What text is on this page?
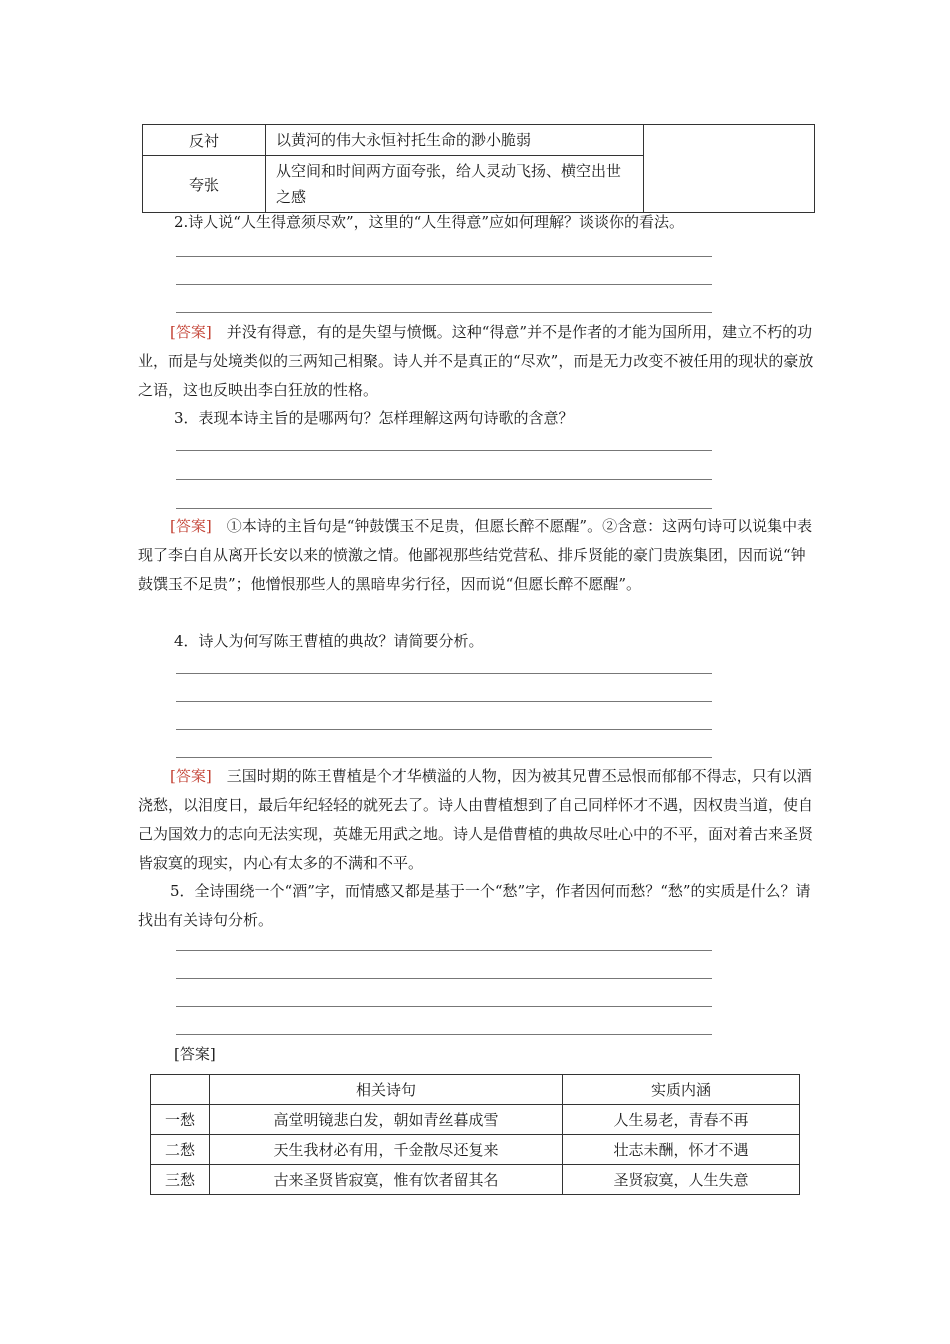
反衬	以黄河的伟大永恒衬托生命的渺小脆弱	
夸张	从空间和时间两方面夸张，给人灵动飞扬、横空出世之感	
2.诗人说“人生得意须尽欢”，这里的“人生得意”应如何理解？谈谈你的看法。
[答案]　 并没有得意，有的是失望与愤慨。这种“得意”并不是作者的才能为国所用，建立不朽的功业，而是与处境类似的三两知己相聚。诗人并不是真正的“尽欢”，而是无力改变不被任用的现状的豪放之语，这也反映出李白狂放的性格。
3．表现本诗主旨的是哪两句？怎样理解这两句诗歌的含意？
[答案]　 ①本诗的主旨句是“钟鼓馔玉不足贵，但愿长醉不愿醒”。②含意：这两句诗可以说集中表现了李白自从离开长安以来的愤激之情。他鄙视那些结党营私、排斥贤能的豪门贵族集团，因而说“钟鼓馔玉不足贵”；他憎恨那些人的黑暗卑劣行径，因而说“但愿长醉不愿醒”。
4．诗人为何写陈王曹植的典故？请简要分析。
[答案]　 三国时期的陈王曹植是个才华横溢的人物，因为被其兄曹丕忌恨而郁郁不得志，只有以酒浇愁，以泪度日，最后年纪轻轻的就死去了。诗人由曹植想到了自己同样怀才不遇，因权贵当道，使自己为国效力的志向无法实现，英雄无用武之地。诗人是借曹植的典故尽吐心中的不平，面对着古来圣贤皆寂寞的现实，内心有太多的不满和不平。
5．全诗围绕一个“酒”字，而情感又都是基于一个“愁”字，作者因何而愁？“愁”的实质是什么？请找出有关诗句分析。
[答案]
	相关诗句	实质内涵
一愁	高堂明镜悲白发，朝如青丝暮成雪	人生易老，青春不再
二愁	天生我材必有用，千金散尽还复来	壮志未酬，怀才不遇
三愁	古来圣贤皆寂寞，惟有饮者留其名	圣贤寂寞，人生失意
